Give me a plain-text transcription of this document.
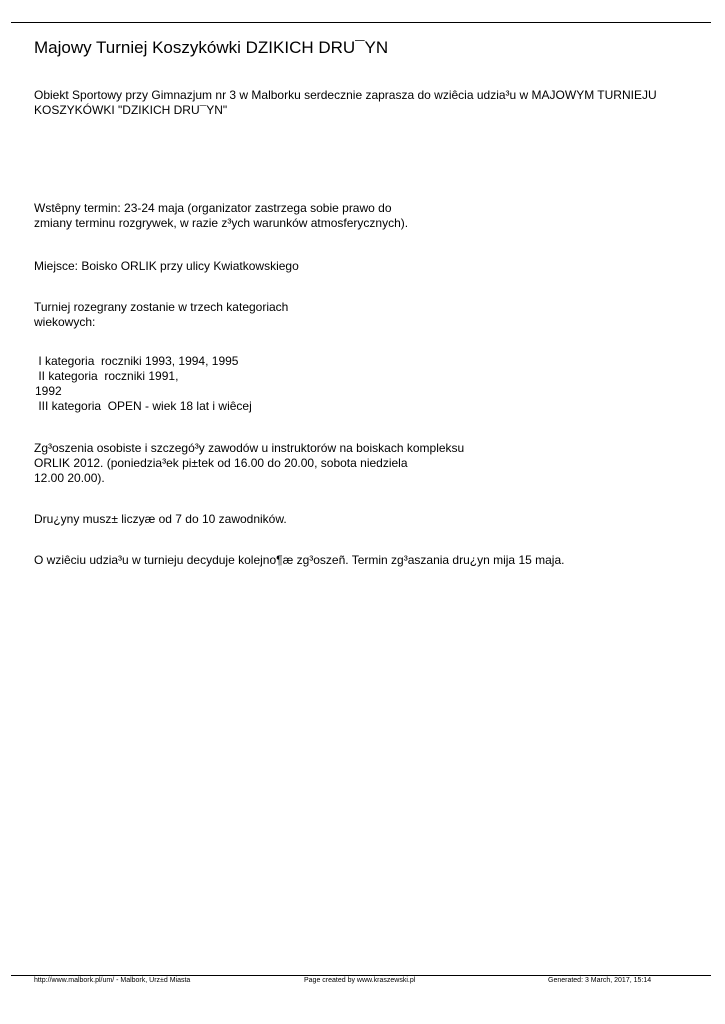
Majowy Turniej Koszykówki DZIKICH DRU¯YN
Obiekt Sportowy przy Gimnazjum nr 3 w Malborku serdecznie zaprasza do wziêcia udzia³u w MAJOWYM TURNIEJU
KOSZYKÓWKI "DZIKICH DRU¯YN"
Wstêpny termin: 23-24 maja (organizator zastrzega sobie prawo do
zmiany terminu rozgrywek, w razie z³ych warunków atmosferycznych).
Miejsce: Boisko ORLIK przy ulicy Kwiatkowskiego
Turniej rozegrany zostanie w trzech kategoriach
wiekowych:
I kategoria  roczniki 1993, 1994, 1995
II kategoria  roczniki 1991,
1992
III kategoria  OPEN - wiek 18 lat i wiêcej
Zg³oszenia osobiste i szczegó³y zawodów u instruktorów na boiskach kompleksu
ORLIK 2012. (poniedzia³ek pi±tek od 16.00 do 20.00, sobota niedziela
12.00 20.00).
Dru¿yny musz± liczyæ od 7 do 10 zawodników.
O wziêciu udzia³u w turnieju decyduje kolejno¶æ zg³oszeñ. Termin zg³aszania dru¿yn mija 15 maja.
http://www.malbork.pl/um/ - Malbork, Urz±d Miasta	Page created by www.kraszewski.pl	Generated: 3 March, 2017, 15:14
